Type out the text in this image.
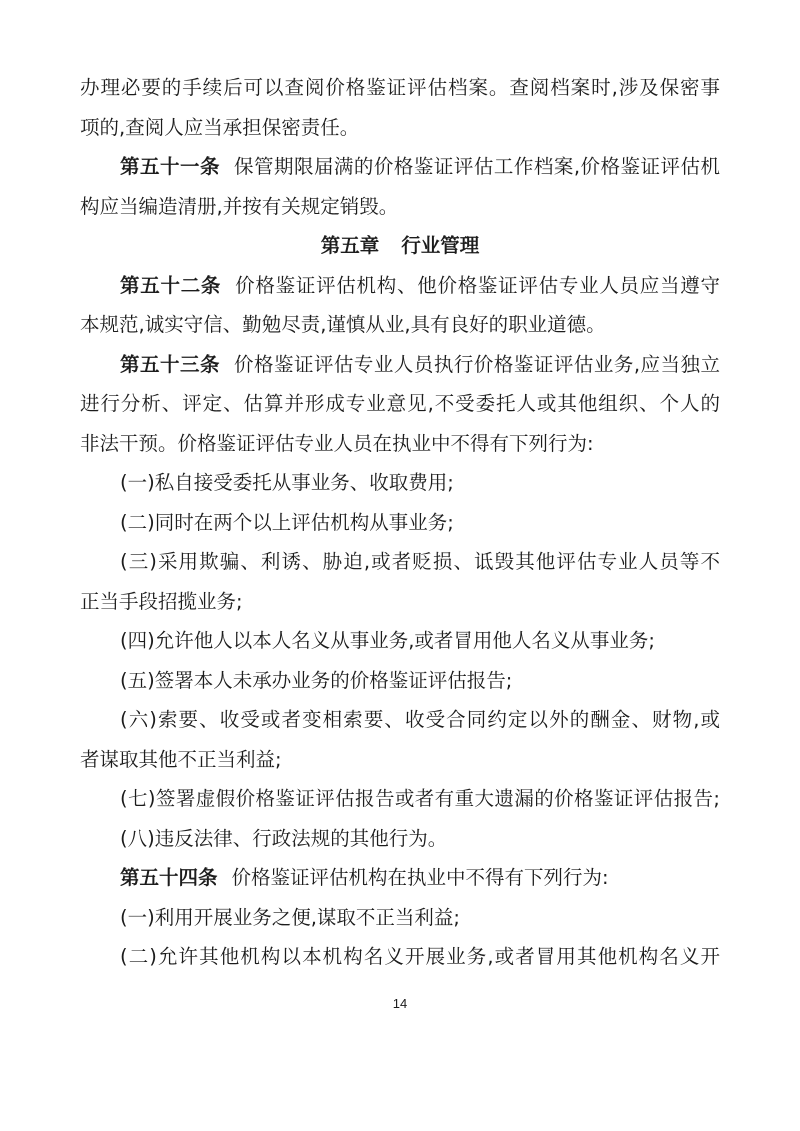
办理必要的手续后可以查阅价格鉴证评估档案。查阅档案时,涉及保密事
项的,查阅人应当承担保密责任。
第五十一条 保管期限届满的价格鉴证评估工作档案,价格鉴证评估机
构应当编造清册,并按有关规定销毁。
第五章 行业管理
第五十二条 价格鉴证评估机构、他价格鉴证评估专业人员应当遵守
本规范,诚实守信、勤勉尽责,谨慎从业,具有良好的职业道德。
第五十三条 价格鉴证评估专业人员执行价格鉴证评估业务,应当独立
进行分析、评定、估算并形成专业意见,不受委托人或其他组织、个人的
非法干预。价格鉴证评估专业人员在执业中不得有下列行为:
(一)私自接受委托从事业务、收取费用;
(二)同时在两个以上评估机构从事业务;
(三)采用欺骗、利诱、胁迫,或者贬损、诋毁其他评估专业人员等不
正当手段招揽业务;
(四)允许他人以本人名义从事业务,或者冒用他人名义从事业务;
(五)签署本人未承办业务的价格鉴证评估报告;
(六)索要、收受或者变相索要、收受合同约定以外的酬金、财物,或
者谋取其他不正当利益;
(七)签署虚假价格鉴证评估报告或者有重大遗漏的价格鉴证评估报告;
(八)违反法律、行政法规的其他行为。
第五十四条 价格鉴证评估机构在执业中不得有下列行为:
(一)利用开展业务之便,谋取不正当利益;
(二)允许其他机构以本机构名义开展业务,或者冒用其他机构名义开
14
